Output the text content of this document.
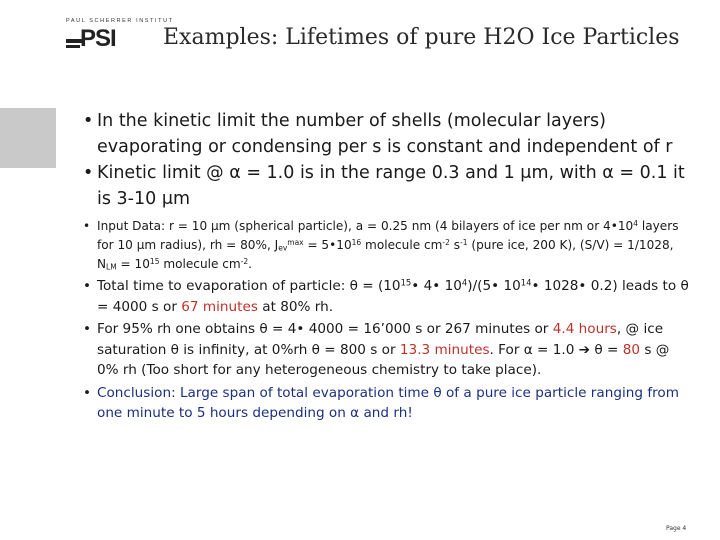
PAUL SCHERRER INSTITUT
PSI Examples: Lifetimes of pure H2O Ice Particles
• In the kinetic limit the number of shells (molecular layers) evaporating or condensing per s is constant and independent of r
• Kinetic limit @ α = 1.0 is in the range 0.3 and 1 μm, with α = 0.1 it is 3-10 μm
• Input Data: r = 10 μm (spherical particle), a = 0.25 nm (4 bilayers of ice per nm or $4•10^4$ layers for 10 μm radius), rh = 80%, $J_{ev}^{max}$ = $5•10^{16}$ molecule $cm^{-2}$ $s^{-1}$ (pure ice, 200 K), (S/V) = 1/1028, $N_{LM} = 10^{15}$ molecule $cm^{-2}$.
• Total time to evaporation of particle: $\theta = (10^{15}•$ 4• $10^4)/(5•$ $10^{14}•$ 1028• 0.2) leads to θ = 4000 s or 67 minutes at 80% rh.
• For 95% rh one obtains θ = 4• 4000 = 16’000 s or 267 minutes or 4.4 hours, @ ice saturation θ is infinity, at 0%rh θ = 800 s or 13.3 minutes. For α = 1.0 ➔ θ = 80 s @ 0% rh (Too short for any heterogeneous chemistry to take place).
• Conclusion: Large span of total evaporation time θ of a pure ice particle ranging from one minute to 5 hours depending on α and rh!
Page 4
